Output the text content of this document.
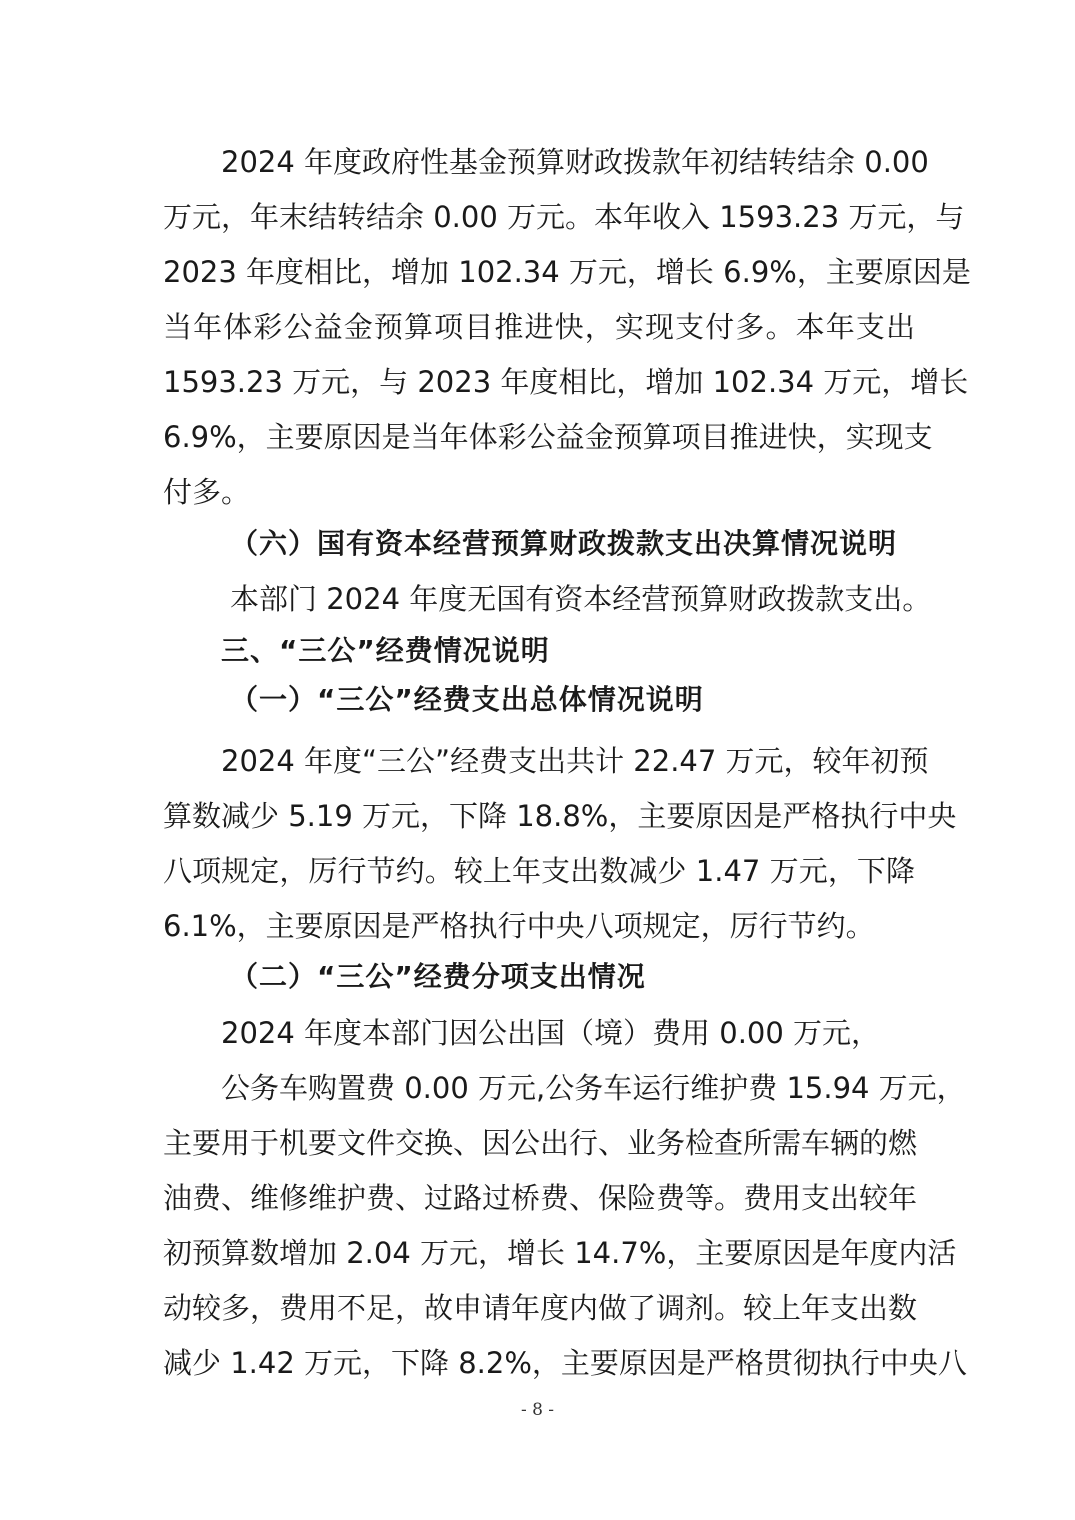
2024 年度政府性基金预算财政拨款年初结转结余 0.00
万元，年末结转结余 0.00 万元。本年收入 1593.23 万元，与
2023 年度相比，增加 102.34 万元，增长 6.9%，主要原因是
当年体彩公益金预算项目推进快，实现支付多。本年支出
1593.23 万元，与 2023 年度相比，增加 102.34 万元，增长
6.9%，主要原因是当年体彩公益金预算项目推进快，实现支
付多。
（六）国有资本经营预算财政拨款支出决算情况说明
本部门 2024 年度无国有资本经营预算财政拨款支出。
三、“三公”经费情况说明
（一）“三公”经费支出总体情况说明
2024 年度“三公”经费支出共计 22.47 万元，较年初预
算数减少 5.19 万元，下降 18.8%，主要原因是严格执行中央
八项规定，厉行节约。较上年支出数减少 1.47 万元，下降
6.1%，主要原因是严格执行中央八项规定，厉行节约。
（二）“三公”经费分项支出情况
2024 年度本部门因公出国（境）费用 0.00 万元，
公务车购置费 0.00 万元,公务车运行维护费 15.94 万元，
主要用于机要文件交换、因公出行、业务检查所需车辆的燃
油费、维修维护费、过路过桥费、保险费等。费用支出较年
初预算数增加 2.04 万元，增长 14.7%，主要原因是年度内活
动较多，费用不足，故申请年度内做了调剂。较上年支出数
减少 1.42 万元，下降 8.2%，主要原因是严格贯彻执行中央八
- 8 -
